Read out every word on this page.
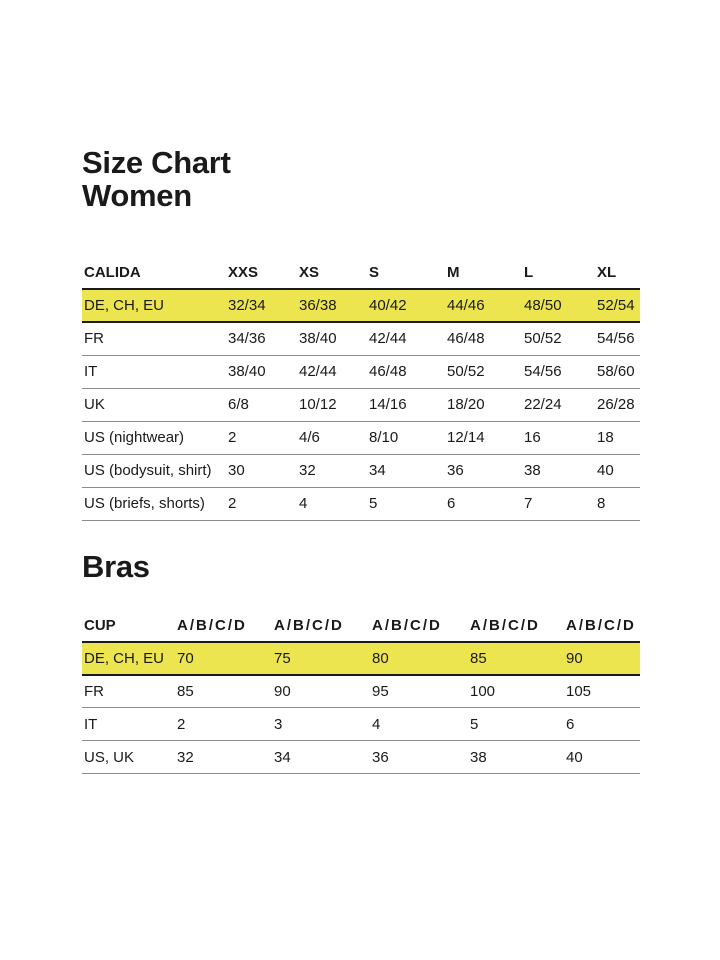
Size Chart
Women
CALIDA	XXS	XS	S	M	L	XL
DE, CH, EU	32/34	36/38	40/42	44/46	48/50	52/54
FR	34/36	38/40	42/44	46/48	50/52	54/56
IT	38/40	42/44	46/48	50/52	54/56	58/60
UK	6/8	10/12	14/16	18/20	22/24	26/28
US (nightwear)	2	4/6	8/10	12/14	16	18
US (bodysuit, shirt)	30	32	34	36	38	40
US (briefs, shorts)	2	4	5	6	7	8
Bras
CUP	A/B/C/D	A/B/C/D	A/B/C/D	A/B/C/D	A/B/C/D
DE, CH, EU	70	75	80	85	90
FR	85	90	95	100	105
IT	2	3	4	5	6
US, UK	32	34	36	38	40
